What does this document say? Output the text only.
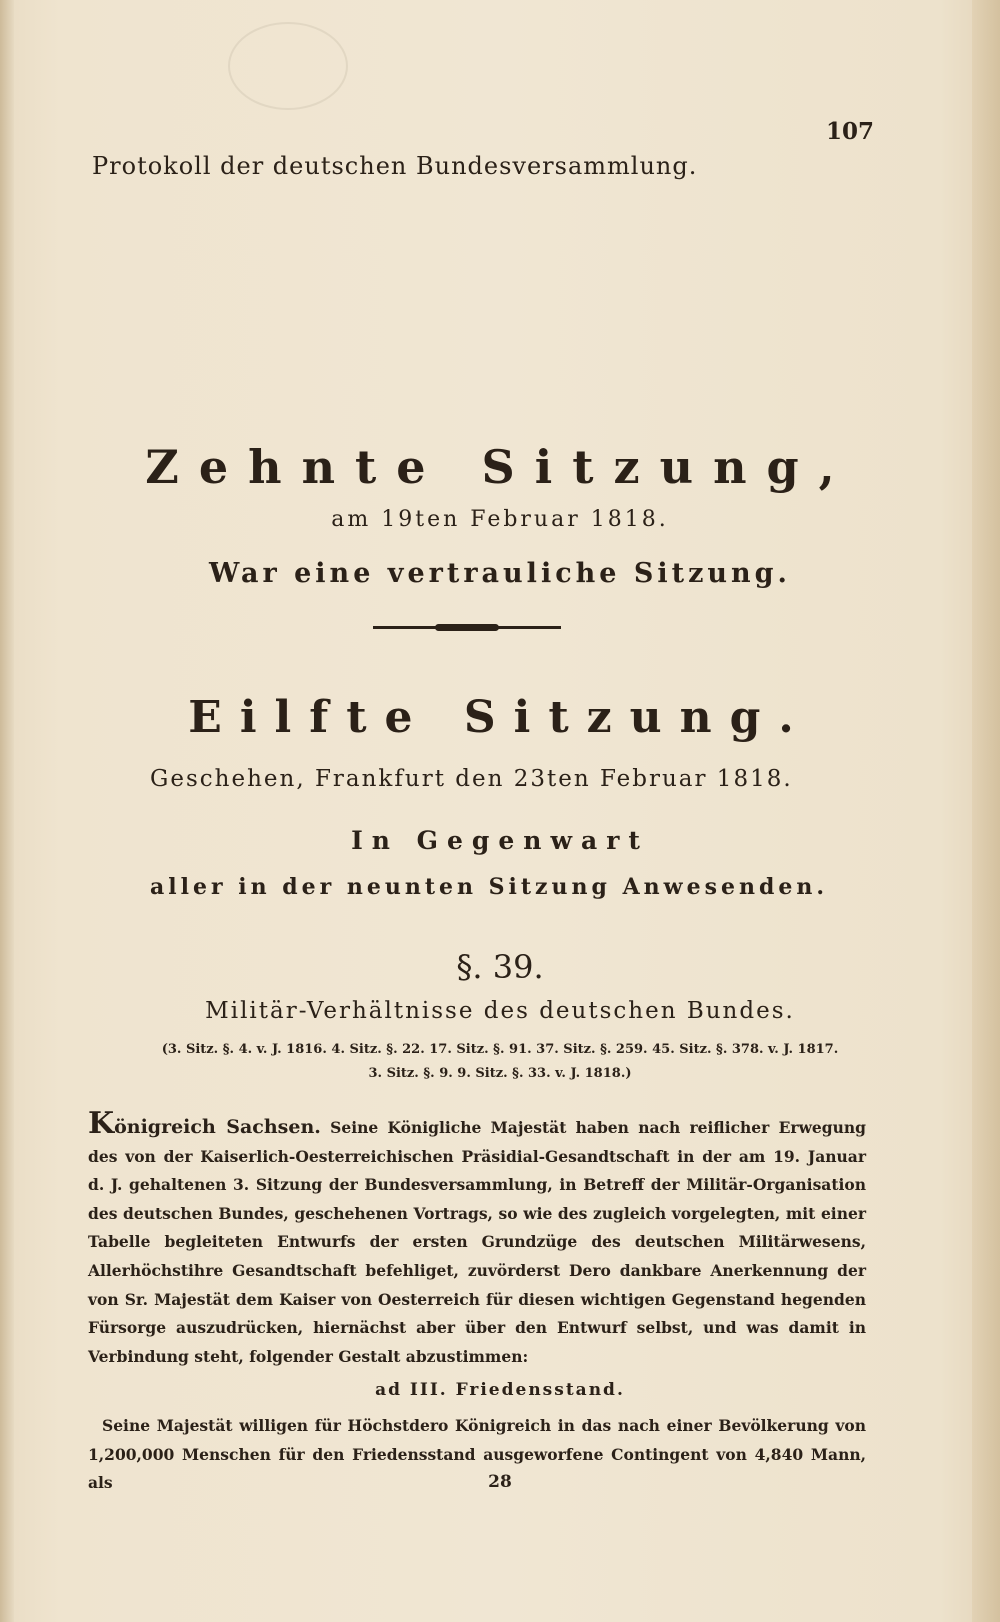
107
Protokoll der deutschen Bundesversammlung.
Zehnte Sitzung,
am 19ten Februar 1818.
War eine vertrauliche Sitzung.
Eilfte Sitzung.
Geschehen, Frankfurt den 23ten Februar 1818.
In Gegenwart
aller in der neunten Sitzung Anwesenden.
§. 39.
Militär-Verhältnisse des deutschen Bundes.
(3. Sitz. §. 4. v. J. 1816. 4. Sitz. §. 22. 17. Sitz. §. 91. 37. Sitz. §. 259. 45. Sitz. §. 378. v. J. 1817.
3. Sitz. §. 9. 9. Sitz. §. 33. v. J. 1818.)
Königreich Sachsen. Seine Königliche Majestät haben nach reiflicher Erwegung des von der Kaiserlich-Oesterreichischen Präsidial-Gesandtschaft in der am 19. Januar d. J. gehaltenen 3. Sitzung der Bundesversammlung, in Betreff der Militär-Organisation des deutschen Bundes, geschehenen Vortrags, so wie des zugleich vorgelegten, mit einer Tabelle begleiteten Entwurfs der ersten Grundzüge des deutschen Militärwesens, Allerhöchstihre Gesandtschaft befehliget, zuvörderst Dero dankbare Anerkennung der von Sr. Majestät dem Kaiser von Oesterreich für diesen wichtigen Gegenstand hegenden Fürsorge auszudrücken, hiernächst aber über den Entwurf selbst, und was damit in Verbindung steht, folgender Gestalt abzustimmen:
ad III. Friedensstand.
Seine Majestät willigen für Höchstdero Königreich in das nach einer Bevölkerung von 1,200,000 Menschen für den Friedensstand ausgeworfene Contingent von 4,840 Mann, als	28
